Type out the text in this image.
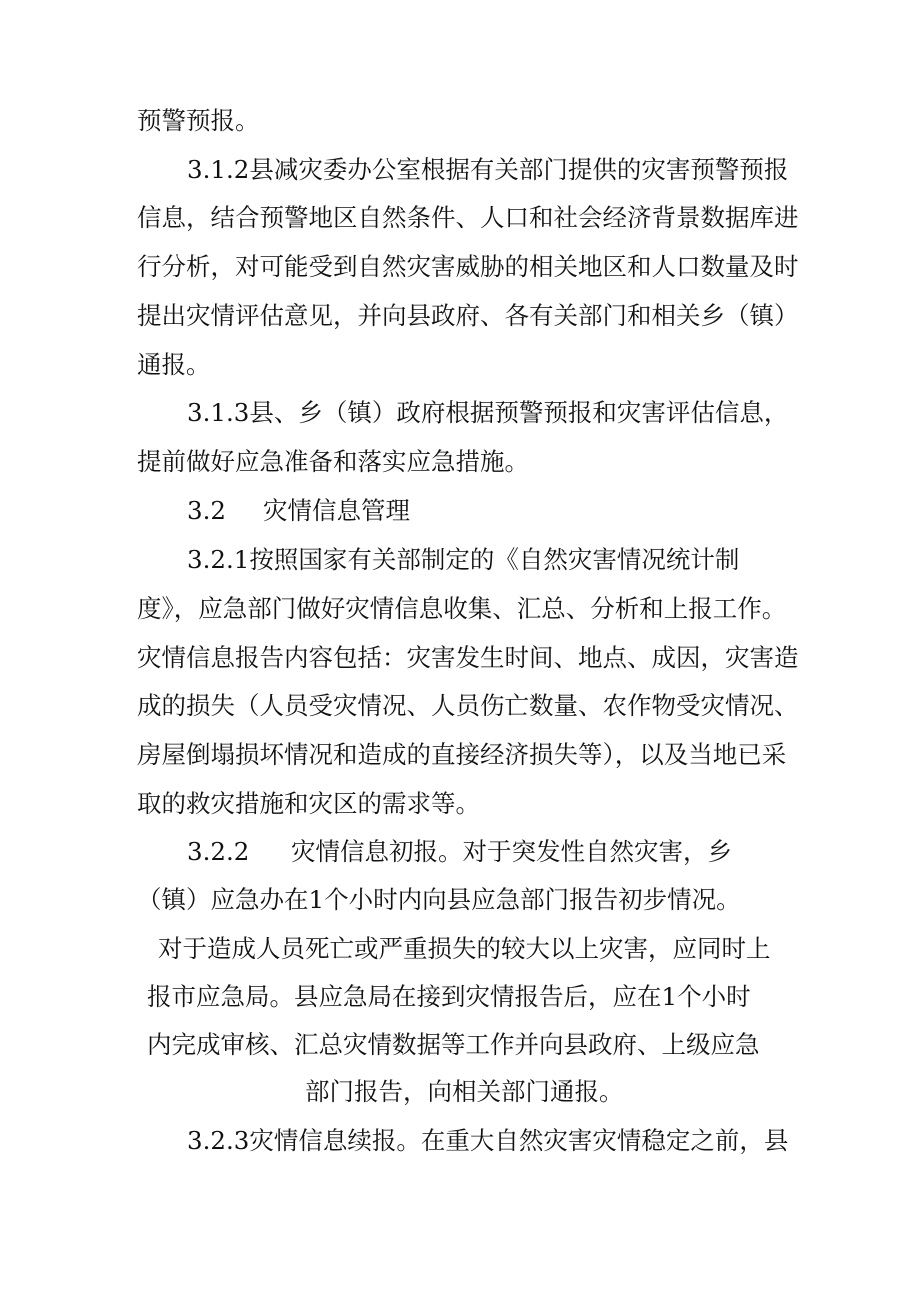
预警预报。
3.1.2县减灾委办公室根据有关部门提供的灾害预警预报
信息，结合预警地区自然条件、人口和社会经济背景数据库进
行分析，对可能受到自然灾害威胁的相关地区和人口数量及时
提出灾情评估意见，并向县政府、各有关部门和相关乡（镇）
通报。
3.1.3县、乡（镇）政府根据预警预报和灾害评估信息，
提前做好应急准备和落实应急措施。
3.2 灾情信息管理
3.2.1按照国家有关部制定的《自然灾害情况统计制
度》，应急部门做好灾情信息收集、汇总、分析和上报工作。
灾情信息报告内容包括：灾害发生时间、地点、成因，灾害造
成的损失（人员受灾情况、人员伤亡数量、农作物受灾情况、
房屋倒塌损坏情况和造成的直接经济损失等），以及当地已采
取的救灾措施和灾区的需求等。
3.2.2 灾情信息初报。对于突发性自然灾害，乡
（镇）应急办在1个小时内向县应急部门报告初步情况。
对于造成人员死亡或严重损失的较大以上灾害，应同时上
报市应急局。县应急局在接到灾情报告后，应在1个小时
内完成审核、汇总灾情数据等工作并向县政府、上级应急
部门报告，向相关部门通报。
3.2.3灾情信息续报。在重大自然灾害灾情稳定之前，县
